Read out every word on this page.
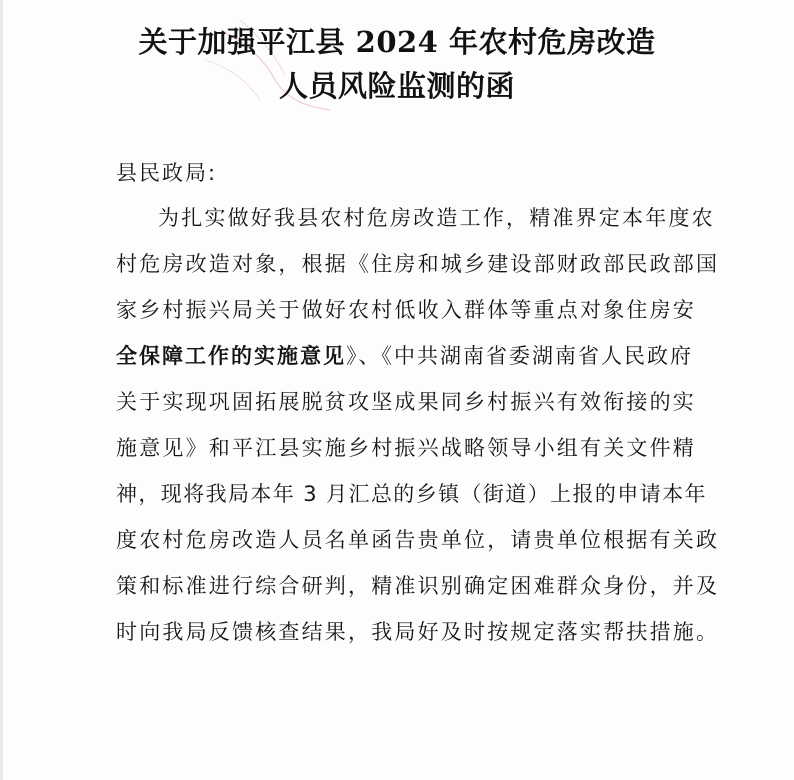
关于加强平江县 2024 年农村危房改造
人员风险监测的函
县民政局:
为扎实做好我县农村危房改造工作，精准界定本年度农
村危房改造对象，根据《住房和城乡建设部财政部民政部国
家乡村振兴局关于做好农村低收入群体等重点对象住房安
全保障工作的实施意见》、《中共湖南省委湖南省人民政府
关于实现巩固拓展脱贫攻坚成果同乡村振兴有效衔接的实
施意见》和平江县实施乡村振兴战略领导小组有关文件精
神，现将我局本年 3 月汇总的乡镇（街道）上报的申请本年
度农村危房改造人员名单函告贵单位，请贵单位根据有关政
策和标准进行综合研判，精准识别确定困难群众身份，并及
时向我局反馈核查结果，我局好及时按规定落实帮扶措施。
